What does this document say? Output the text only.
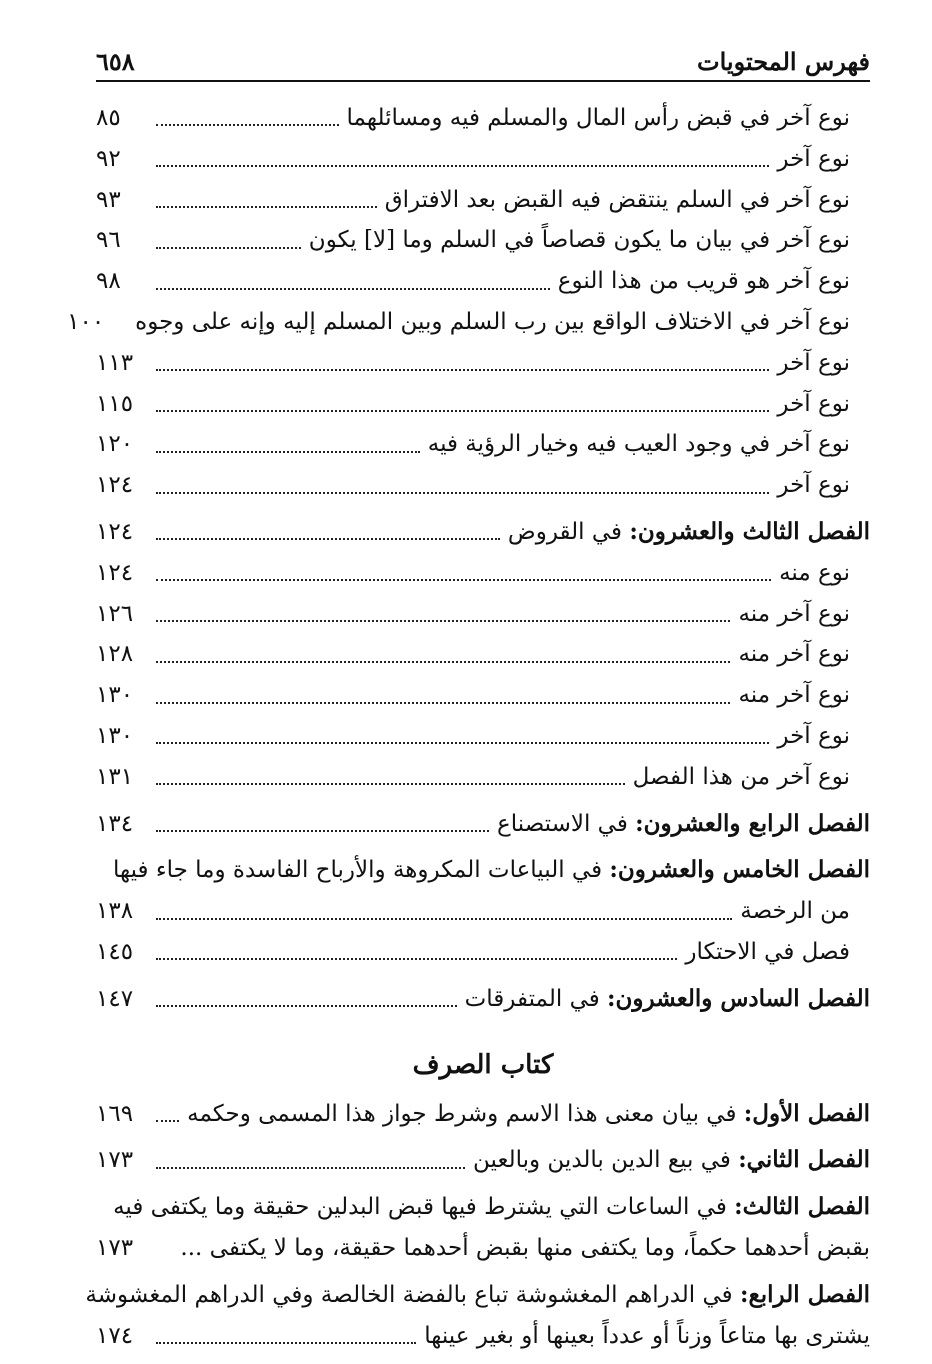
فهرس المحتويات
٦٥٨
نوع آخر في قبض رأس المال والمسلم فيه ومسائلهما
٨٥
نوع آخر
٩٢
نوع آخر في السلم ينتقض فيه القبض بعد الافتراق
٩٣
نوع آخر في بيان ما يكون قصاصاً في السلم وما [لا] يكون
٩٦
نوع آخر هو قريب من هذا النوع
٩٨
نوع آخر في الاختلاف الواقع بين رب السلم وبين المسلم إليه وإنه على وجوه
١٠٠
نوع آخر
١١٣
نوع آخر
١١٥
نوع آخر في وجود العيب فيه وخيار الرؤية فيه
١٢٠
نوع آخر
١٢٤
الفصل الثالث والعشرون: في القروض
١٢٤
نوع منه
١٢٤
نوع آخر منه
١٢٦
نوع آخر منه
١٢٨
نوع آخر منه
١٣٠
نوع آخر
١٣٠
نوع آخر من هذا الفصل
١٣١
الفصل الرابع والعشرون: في الاستصناع
١٣٤
الفصل الخامس والعشرون: في البياعات المكروهة والأرباح الفاسدة وما جاء فيها
من الرخصة
١٣٨
فصل في الاحتكار
١٤٥
الفصل السادس والعشرون: في المتفرقات
١٤٧
كتاب الصرف
الفصل الأول: في بيان معنى هذا الاسم وشرط جواز هذا المسمى وحكمه
١٦٩
الفصل الثاني: في بيع الدين بالدين وبالعين
١٧٣
الفصل الثالث: في الساعات التي يشترط فيها قبض البدلين حقيقة وما يكتفى فيه
بقبض أحدهما حكماً، وما يكتفى منها بقبض أحدهما حقيقة، وما لا يكتفى ...
١٧٣
الفصل الرابع: في الدراهم المغشوشة تباع بالفضة الخالصة وفي الدراهم المغشوشة
يشترى بها متاعاً وزناً أو عدداً بعينها أو بغير عينها
١٧٤
